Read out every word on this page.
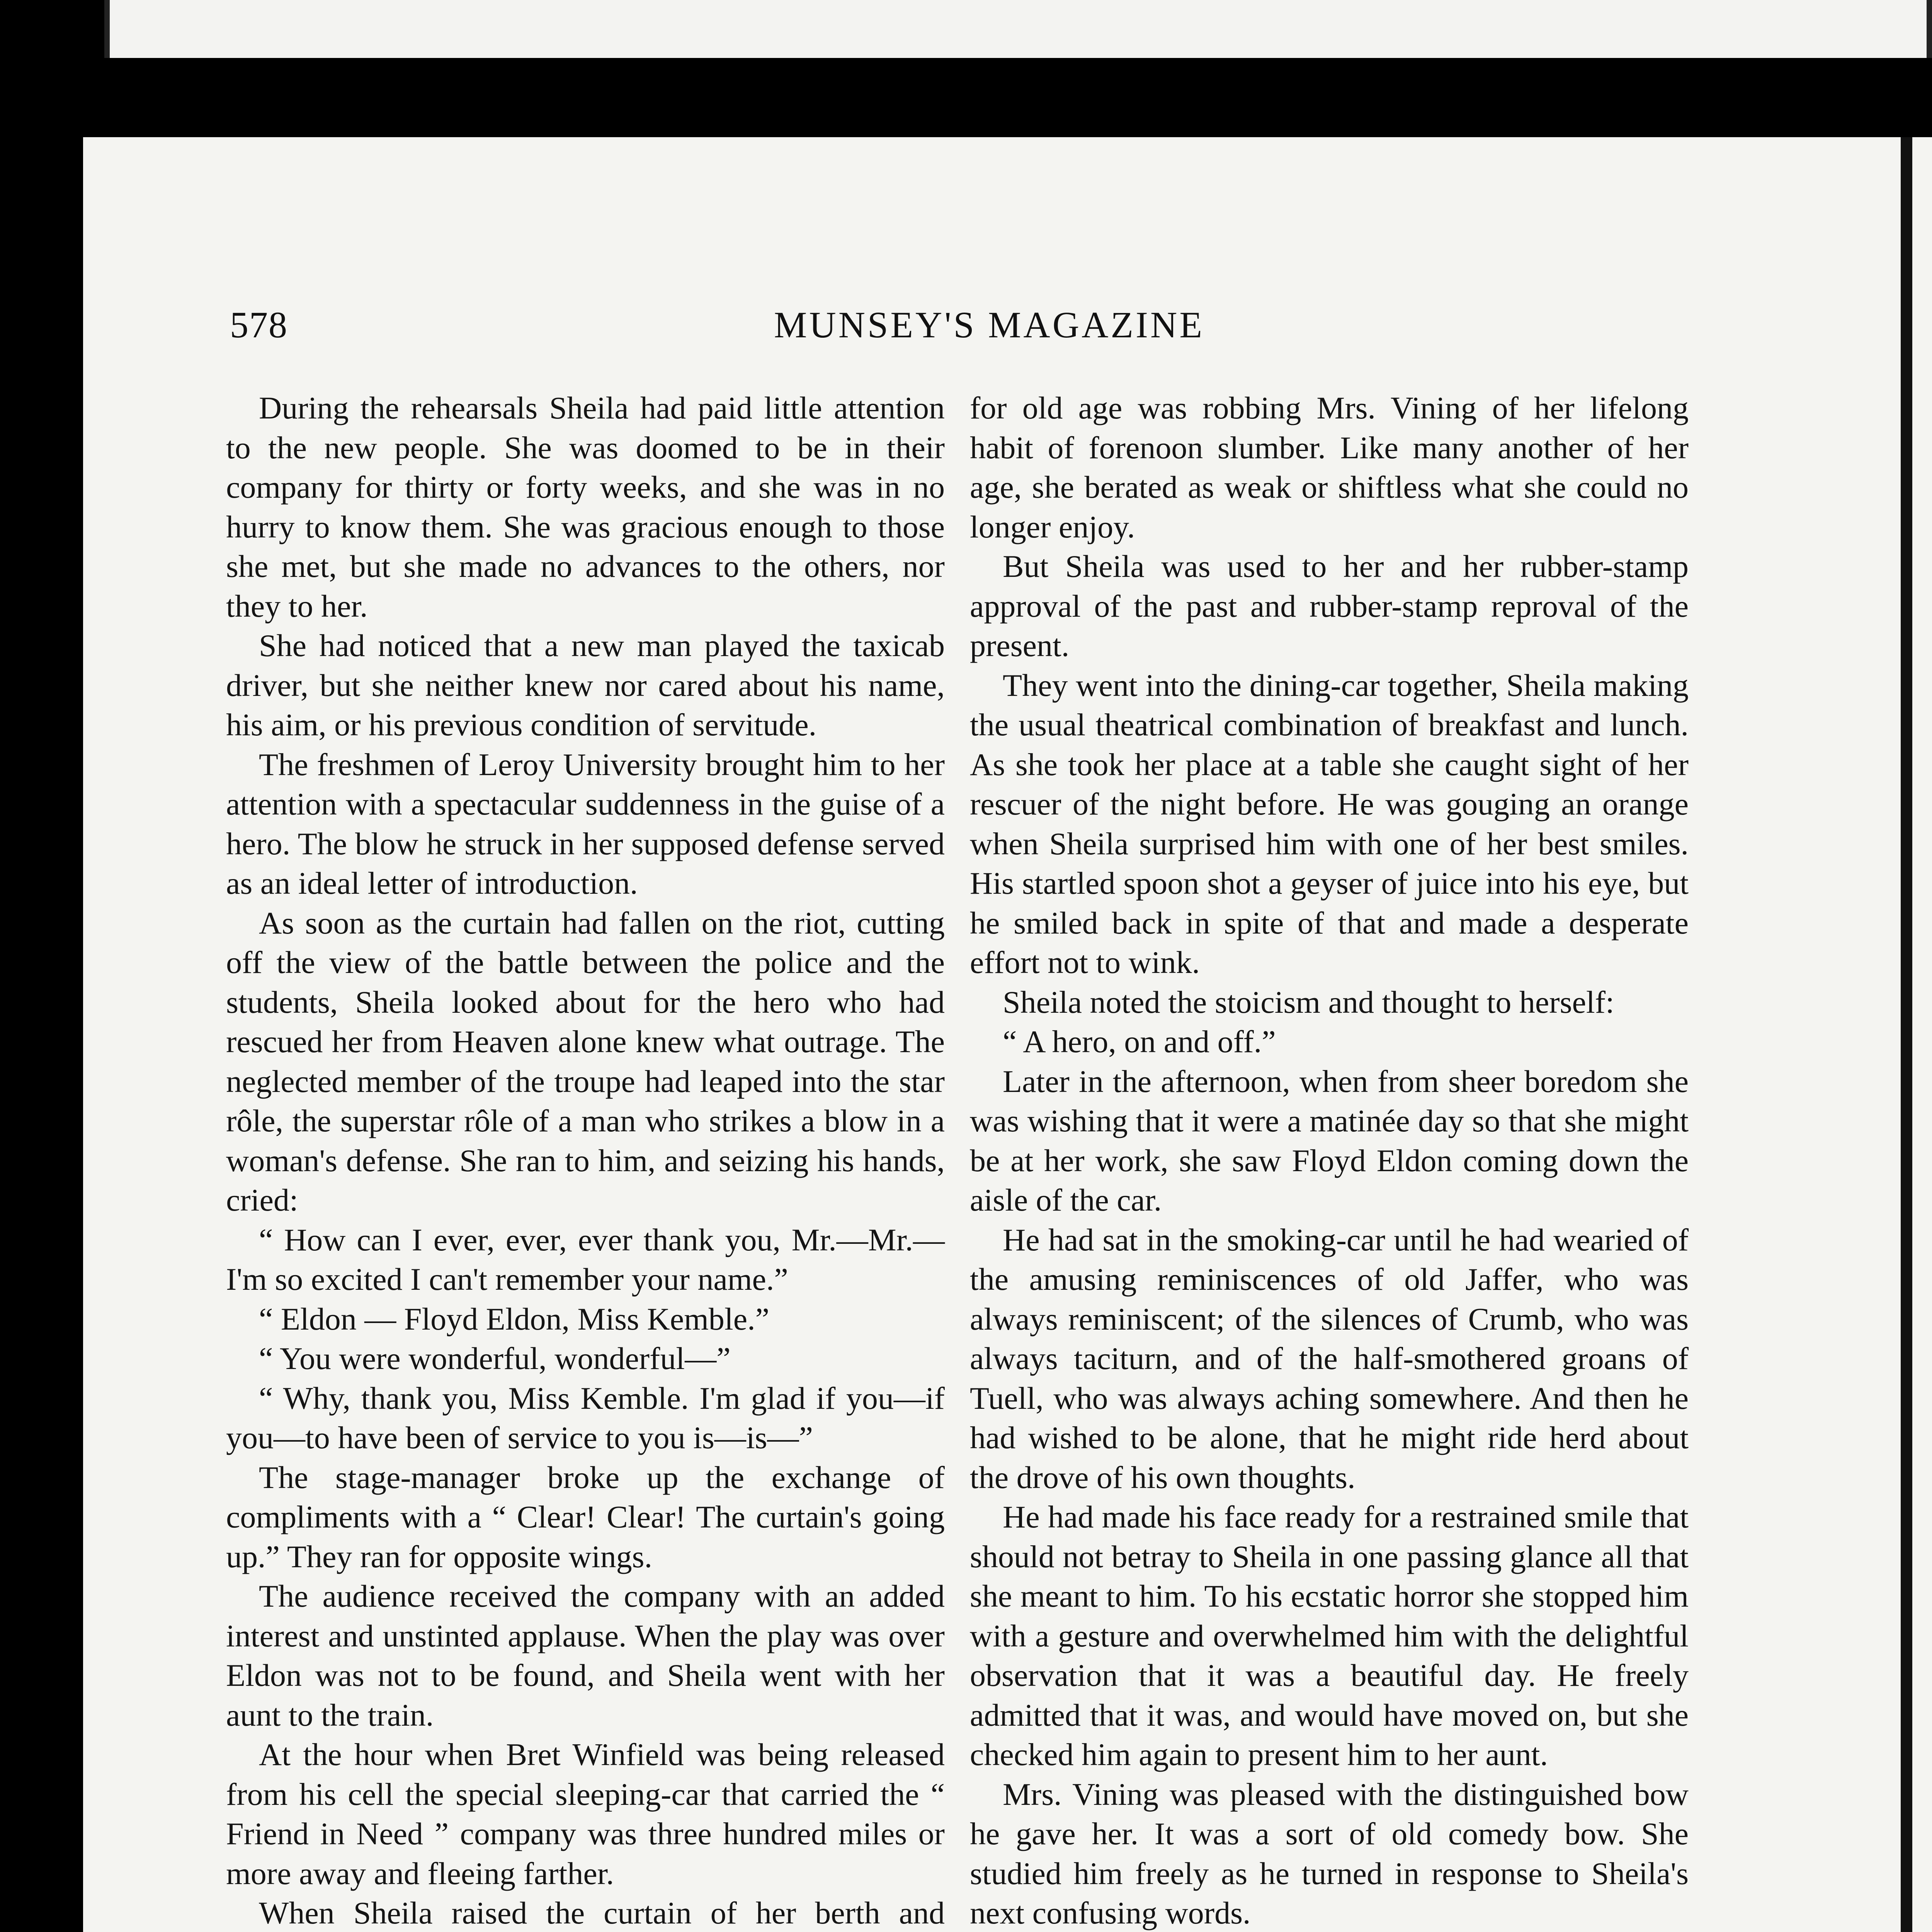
578	MUNSEY'S MAGAZINE

During the rehearsals Sheila had paid little attention to the new people. She was doomed to be in their company for thirty or forty weeks, and she was in no hurry to know them. She was gracious enough to those she met, but she made no advances to the others, nor they to her.

She had noticed that a new man played the taxicab driver, but she neither knew nor cared about his name, his aim, or his previous condition of servitude.

The freshmen of Leroy University brought him to her attention with a spectacular suddenness in the guise of a hero. The blow he struck in her supposed defense served as an ideal letter of introduction.

As soon as the curtain had fallen on the riot, cutting off the view of the battle between the police and the students, Sheila looked about for the hero who had rescued her from Heaven alone knew what outrage. The neglected member of the troupe had leaped into the star rôle, the superstar rôle of a man who strikes a blow in a woman's defense. She ran to him, and seizing his hands, cried:

“ How can I ever, ever, ever thank you, Mr.—Mr.—I'm so excited I can't remember your name.”

“ Eldon — Floyd Eldon, Miss Kemble.”

“ You were wonderful, wonderful—”

“ Why, thank you, Miss Kemble. I'm glad if you—if you—to have been of service to you is—is—”

The stage-manager broke up the exchange of compliments with a “ Clear! Clear! The curtain's going up.” They ran for opposite wings.

The audience received the company with an added interest and unstinted applause. When the play was over Eldon was not to be found, and Sheila went with her aunt to the train.

At the hour when Bret Winfield was being released from his cell the special sleeping-car that carried the “ Friend in Need ” company was three hundred miles or more away and fleeing farther.

When Sheila raised the curtain of her berth and

for old age was robbing Mrs. Vining of her lifelong habit of forenoon slumber. Like many another of her age, she berated as weak or shiftless what she could no longer enjoy.

But Sheila was used to her and her rubber-stamp approval of the past and rubber-stamp reproval of the present.

They went into the dining-car together, Sheila making the usual theatrical combination of breakfast and lunch. As she took her place at a table she caught sight of her rescuer of the night before. He was gouging an orange when Sheila surprised him with one of her best smiles. His startled spoon shot a geyser of juice into his eye, but he smiled back in spite of that and made a desperate effort not to wink.

Sheila noted the stoicism and thought to herself:

“ A hero, on and off.”

Later in the afternoon, when from sheer boredom she was wishing that it were a matinée day so that she might be at her work, she saw Floyd Eldon coming down the aisle of the car.

He had sat in the smoking-car until he had wearied of the amusing reminiscences of old Jaffer, who was always reminiscent; of the silences of Crumb, who was always taciturn, and of the half-smothered groans of Tuell, who was always aching somewhere. And then he had wished to be alone, that he might ride herd about the drove of his own thoughts.

He had made his face ready for a restrained smile that should not betray to Sheila in one passing glance all that she meant to him. To his ecstatic horror she stopped him with a gesture and overwhelmed him with the delightful observation that it was a beautiful day. He freely admitted that it was, and would have moved on, but she checked him again to present him to her aunt.

Mrs. Vining was pleased with the distinguished bow he gave her. It was a sort of old comedy bow. She studied him freely as he turned in response to Sheila's next confusing words.
